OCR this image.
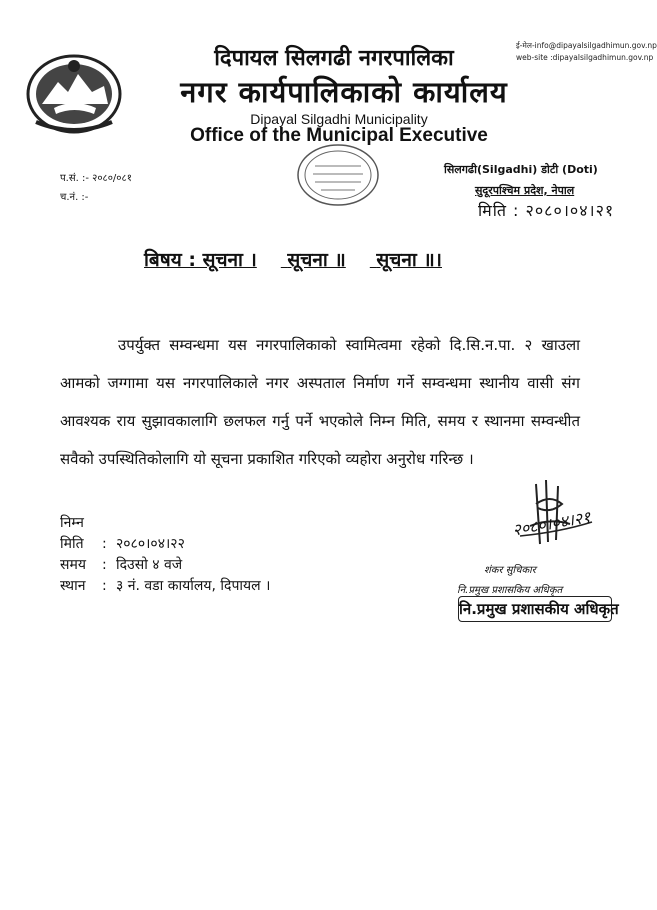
ई-मेल-info@dipayalsilgadhimun.gov.np
web-site :dipayalsilgadhimun.gov.np
दिपायल सिलगढी नगरपालिका
नगर कार्यपालिकाको कार्यालय
Dipayal Silgadhi Municipality
Office of the Municipal Executive
प.सं. :- २०८०/०८१
च.नं. :-
सिलगढी(Silgadhi) डोटी (Doti)
सुदूरपश्चिम प्रदेश, नेपाल
मिति : २०८०।०४।२१
बिषय : सूचना । सूचना ॥ सूचना ॥।
उपर्युक्त सम्वन्धमा यस नगरपालिकाको स्वामित्वमा रहेको दि.सि.न.पा. २ खाउला आमको जग्गामा यस नगरपालिकाले नगर अस्पताल निर्माण गर्ने सम्वन्धमा स्थानीय वासी संग आवश्यक राय सुझावकालागि छलफल गर्नु पर्ने भएकोले निम्न मिति, समय र स्थानमा सम्वन्धीत सवैको उपस्थितिकोलागि यो सूचना प्रकाशित गरिएको व्यहोरा अनुरोध गरिन्छ ।
निम्न
मिति	: २०८०।०४।२२
समय	: दिउसो ४ वजे
स्थान	: ३ नं. वडा कार्यालय, दिपायल ।
२०८०।०४।२१
शंकर सुचिकार
नि.प्रमुख प्रशासकिय अधिकृत
नि.प्रमुख प्रशासकीय अधिकृत
